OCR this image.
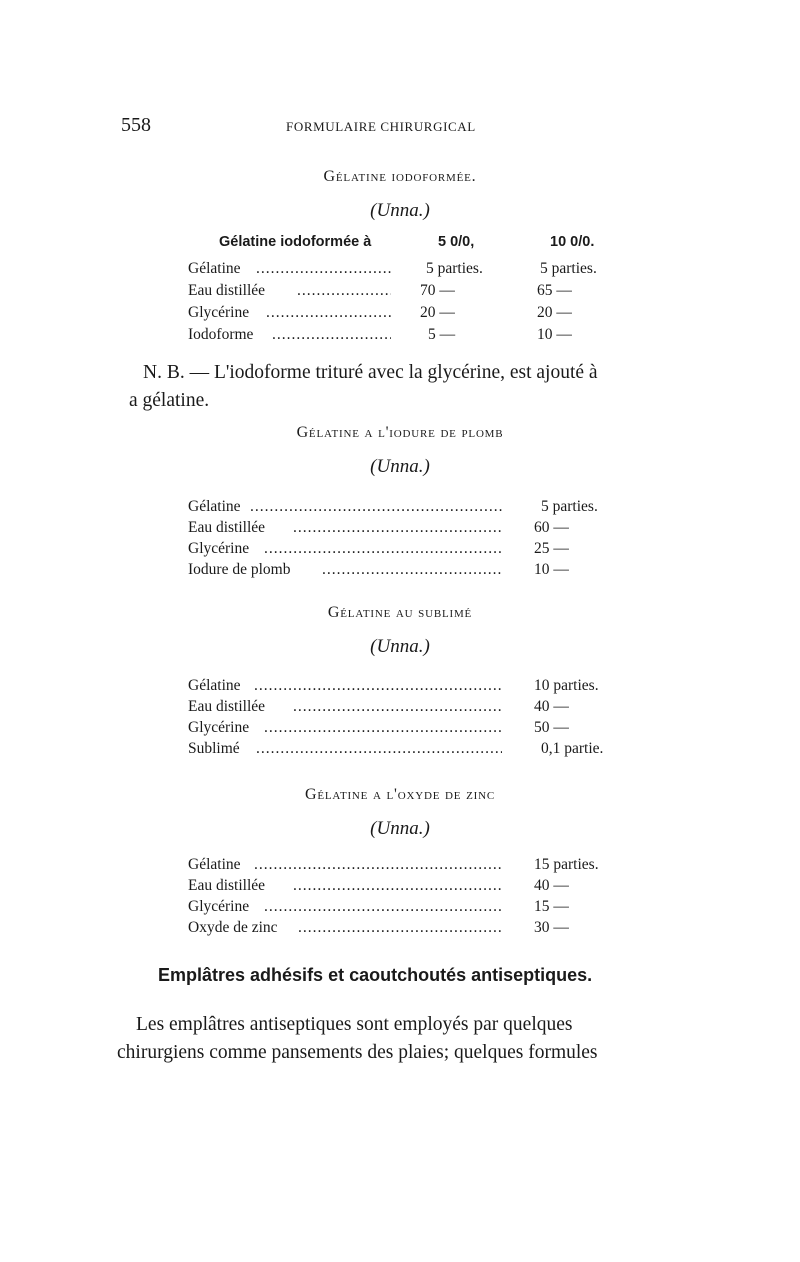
558	FORMULAIRE CHIRURGICAL
Gélatine iodoformée.
(Unna.)
Gélatine iodoformée à	5 0/0,	10 0/0.
Gélatine .....	5 parties.	5 parties.
Eau distillée .....	70 —	65 —
Glycérine .....	20 —	20 —
Iodoforme .....	5 —	10 —
N. B. — L'iodoforme trituré avec la glycérine, est ajouté à
a gélatine.
Gélatine a l'iodure de plomb
(Unna.)
Gélatine .....	5 parties.
Eau distillée .....	60 —
Glycérine .....	25 —
Iodure de plomb .....	10 —
Gélatine au sublimé
(Unna.)
Gélatine .....	10 parties.
Eau distillée .....	40 —
Glycérine .....	50 —
Sublimé .....	0,1 partie.
Gélatine a l'oxyde de zinc
(Unna.)
Gélatine .....	15 parties.
Eau distillée .....	40 —
Glycérine .....	15 —
Oxyde de zinc .....	30 —
Emplâtres adhésifs et caoutchoutés antiseptiques.
Les emplâtres antiseptiques sont employés par quelques
chirurgiens comme pansements des plaies; quelques formules
